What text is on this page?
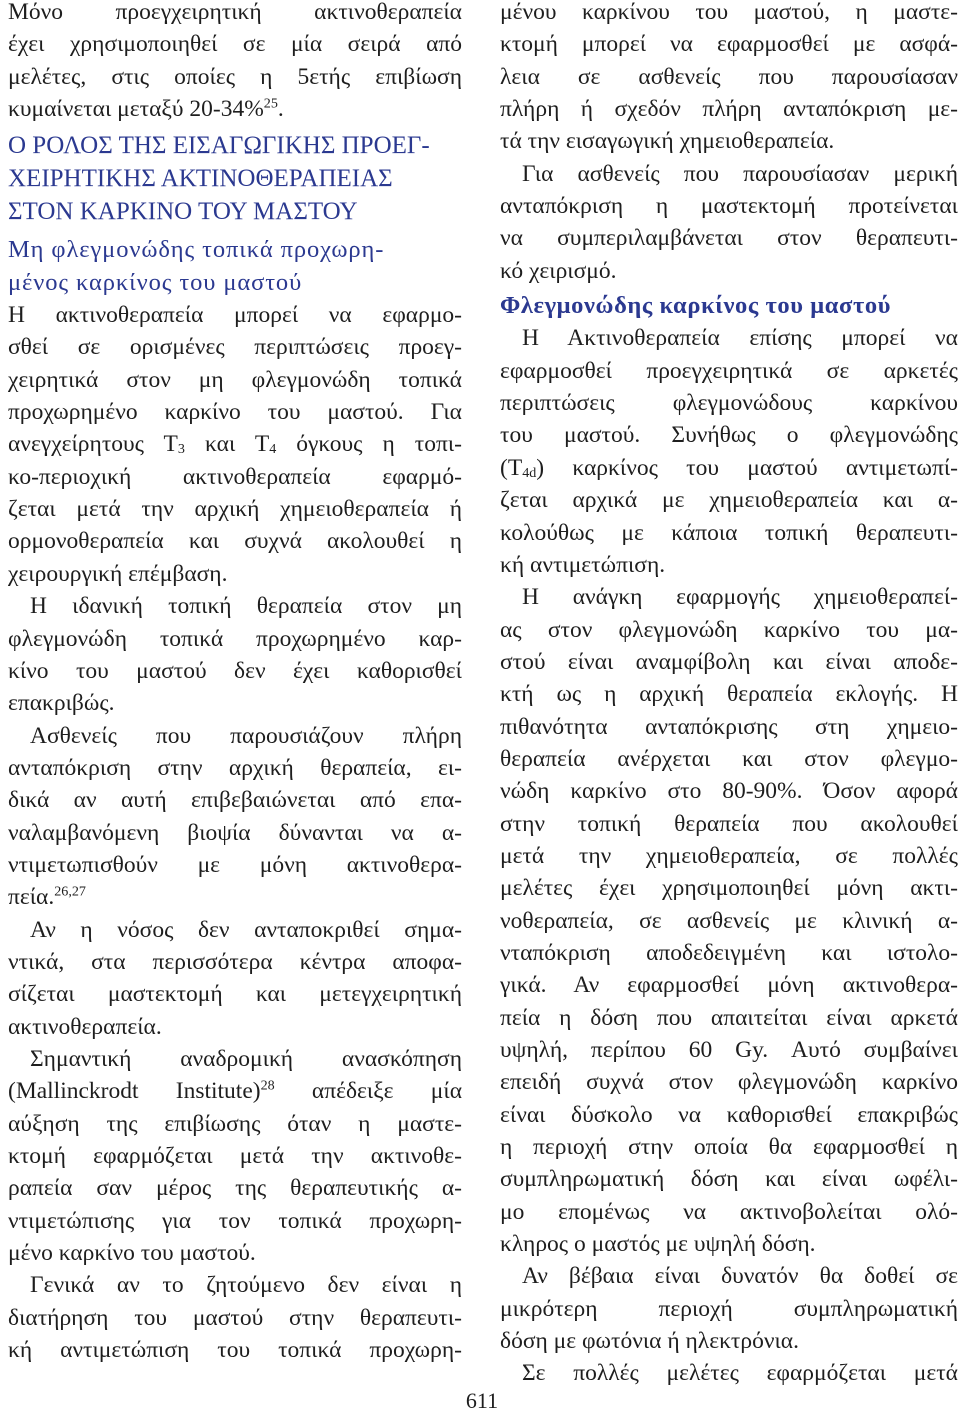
Μόνο προεγχειρητική ακτινοθεραπεία
έχει χρησιμοποιηθεί σε μία σειρά από
μελέτες, στις οποίες η 5ετής επιβίωση
κυμαίνεται μεταξύ 20-34%$^{25}$.
Ο ΡΟΛΟΣ ΤΗΣ ΕΙΣΑΓΩΓΙΚΗΣ ΠΡΟΕΓ-
ΧΕΙΡΗΤΙΚΗΣ ΑΚΤΙΝΟΘΕΡΑΠΕΙΑΣ
ΣΤΟΝ ΚΑΡΚΙΝΟ ΤΟΥ ΜΑΣΤΟΥ
Μη φλεγμονώδης τοπικά προχωρη-
μένος καρκίνος του μαστού
Η ακτινοθεραπεία μπορεί να εφαρμο-
σθεί σε ορισμένες περιπτώσεις προεγ-
χειρητικά στον μη φλεγμονώδη τοπικά
προχωρημένο καρκίνο του μαστού. Για
ανεγχείρητους $T_3$ και $T_4$ όγκους η τοπι-
κο-περιοχική ακτινοθεραπεία εφαρμό-
ζεται μετά την αρχική χημειοθεραπεία ή
ορμονοθεραπεία και συχνά ακολουθεί η
χειρουργική επέμβαση.
Η ιδανική τοπική θεραπεία στον μη
φλεγμονώδη τοπικά προχωρημένο καρ-
κίνο του μαστού δεν έχει καθορισθεί
επακριβώς.
Ασθενείς που παρουσιάζουν πλήρη
ανταπόκριση στην αρχική θεραπεία, ει-
δικά αν αυτή επιβεβαιώνεται από επα-
ναλαμβανόμενη βιοψία δύνανται να α-
ντιμετωπισθούν με μόνη ακτινοθερα-
πεία.$^{26,27}$
Αν η νόσος δεν ανταποκριθεί σημα-
ντικά, στα περισσότερα κέντρα αποφα-
σίζεται μαστεκτομή και μετεγχειρητική
ακτινοθεραπεία.
Σημαντική αναδρομική ανασκόπηση
(Mallinckrodt Institute)$^{28}$ απέδειξε μία
αύξηση της επιβίωσης όταν η μαστε-
κτομή εφαρμόζεται μετά την ακτινοθε-
ραπεία σαν μέρος της θεραπευτικής α-
ντιμετώπισης για τον τοπικά προχωρη-
μένο καρκίνο του μαστού.
Γενικά αν το ζητούμενο δεν είναι η
διατήρηση του μαστού στην θεραπευτι-
κή αντιμετώπιση του τοπικά προχωρη-
μένου καρκίνου του μαστού, η μαστε-
κτομή μπορεί να εφαρμοσθεί με ασφά-
λεια σε ασθενείς που παρουσίασαν
πλήρη ή σχεδόν πλήρη ανταπόκριση με-
τά την εισαγωγική χημειοθεραπεία.
Για ασθενείς που παρουσίασαν μερική
ανταπόκριση η μαστεκτομή προτείνεται
να συμπεριλαμβάνεται στον θεραπευτι-
κό χειρισμό.
Φλεγμονώδης καρκίνος του μαστού
Η Ακτινοθεραπεία επίσης μπορεί να
εφαρμοσθεί προεγχειρητικά σε αρκετές
περιπτώσεις φλεγμονώδους καρκίνου
του μαστού. Συνήθως ο φλεγμονώδης
$(T_{4d})$ καρκίνος του μαστού αντιμετωπί-
ζεται αρχικά με χημειοθεραπεία και α-
κολούθως με κάποια τοπική θεραπευτι-
κή αντιμετώπιση.
Η ανάγκη εφαρμογής χημειοθεραπεί-
ας στον φλεγμονώδη καρκίνο του μα-
στού είναι αναμφίβολη και είναι αποδε-
κτή ως η αρχική θεραπεία εκλογής. Η
πιθανότητα ανταπόκρισης στη χημειο-
θεραπεία ανέρχεται και στον φλεγμο-
νώδη καρκίνο στο 80-90%. Όσον αφορά
στην τοπική θεραπεία που ακολουθεί
μετά την χημειοθεραπεία, σε πολλές
μελέτες έχει χρησιμοποιηθεί μόνη ακτι-
νοθεραπεία, σε ασθενείς με κλινική α-
νταπόκριση αποδεδειγμένη και ιστολο-
γικά. Αν εφαρμοσθεί μόνη ακτινοθερα-
πεία η δόση που απαιτείται είναι αρκετά
υψηλή, περίπου 60 Gy. Αυτό συμβαίνει
επειδή συχνά στον φλεγμονώδη καρκίνο
είναι δύσκολο να καθορισθεί επακριβώς
η περιοχή στην οποία θα εφαρμοσθεί η
συμπληρωματική δόση και είναι ωφέλι-
μο επομένως να ακτινοβολείται ολό-
κληρος ο μαστός με υψηλή δόση.
Αν βέβαια είναι δυνατόν θα δοθεί σε
μικρότερη περιοχή συμπληρωματική
δόση με φωτόνια ή ηλεκτρόνια.
Σε πολλές μελέτες εφαρμόζεται μετά
611
